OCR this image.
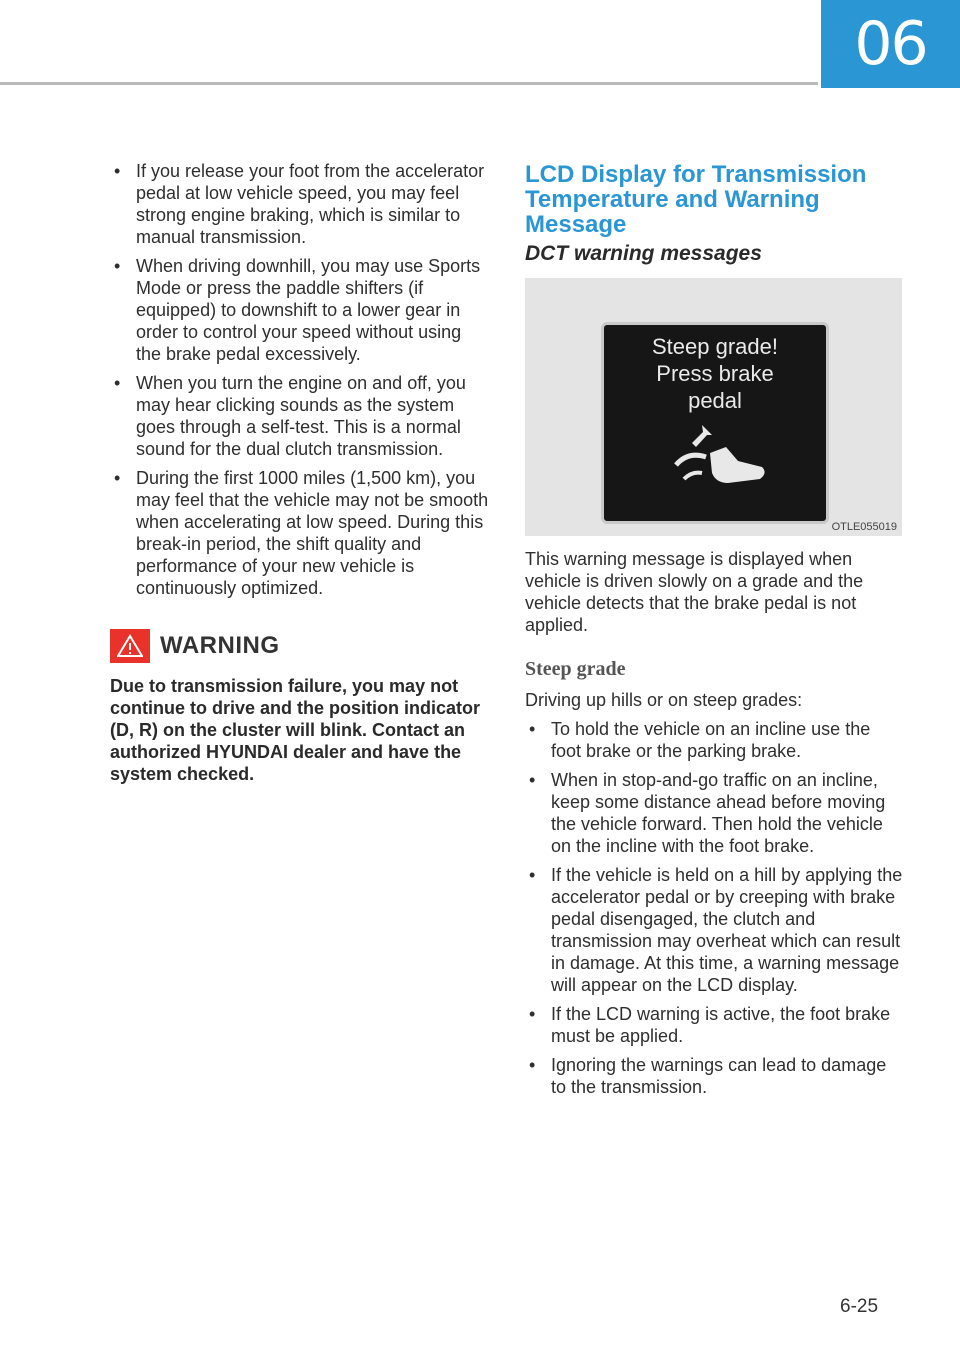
06
• If you release your foot from the accelerator pedal at low vehicle speed, you may feel strong engine braking, which is similar to manual transmission.
• When driving downhill, you may use Sports Mode or press the paddle shifters (if equipped) to downshift to a lower gear in order to control your speed without using the brake pedal excessively.
• When you turn the engine on and off, you may hear clicking sounds as the system goes through a self-test. This is a normal sound for the dual clutch transmission.
• During the first 1000 miles (1,500 km), you may feel that the vehicle may not be smooth when accelerating at low speed. During this break-in period, the shift quality and performance of your new vehicle is continuously optimized.
WARNING
Due to transmission failure, you may not continue to drive and the position indicator (D, R) on the cluster will blink. Contact an authorized HYUNDAI dealer and have the system checked.
LCD Display for Transmission Temperature and Warning Message
DCT warning messages
Steep grade!
Press brake
pedal
OTLE055019
This warning message is displayed when vehicle is driven slowly on a grade and the vehicle detects that the brake pedal is not applied.
Steep grade
Driving up hills or on steep grades:
• To hold the vehicle on an incline use the foot brake or the parking brake.
• When in stop-and-go traffic on an incline, keep some distance ahead before moving the vehicle forward. Then hold the vehicle on the incline with the foot brake.
• If the vehicle is held on a hill by applying the accelerator pedal or by creeping with brake pedal disengaged, the clutch and transmission may overheat which can result in damage. At this time, a warning message will appear on the LCD display.
• If the LCD warning is active, the foot brake must be applied.
• Ignoring the warnings can lead to damage to the transmission.
6-25
